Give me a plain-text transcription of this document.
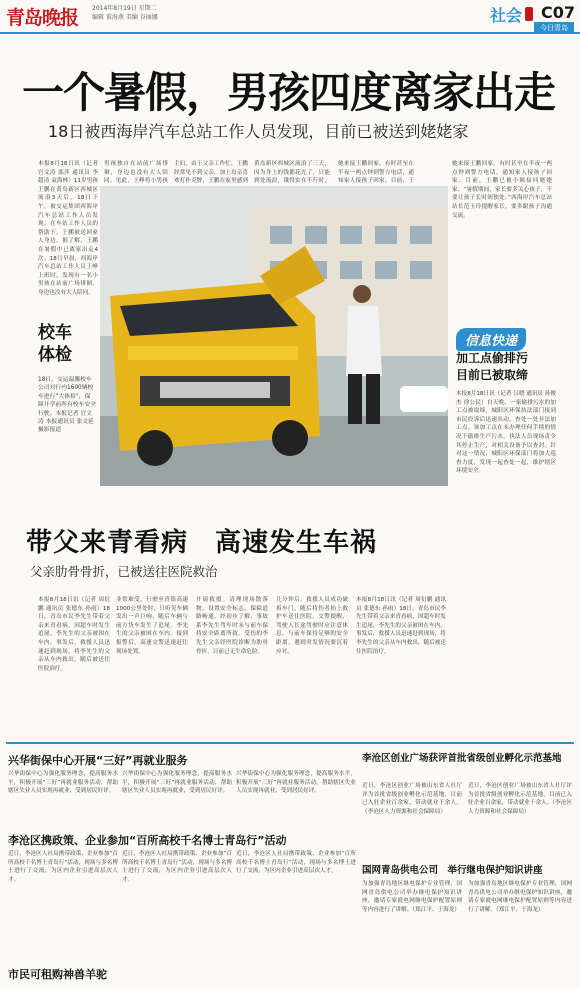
青岛晚报 2014年8月19日 星期二
编辑 董海燕 美编 谷丽娜	社会 C07
今日青岛
一个暑假，男孩四度离家出走
18日被西海岸汽车总站工作人员发现，目前已被送到姥姥家
本报8月18日讯（记者 官文涛 邵萍 通讯员 李超清 袁海林）11岁男孩王鹏在黄岛新区西城区流浪3天后，18日下午，被交运集团西海岸汽车总站工作人员发现。在车站工作人员的帮助下，王鹏被送回家人身边。据了解，王鹏在暑假中已离家出走4次。18日早晨，西海岸汽车总站工作人员王峥上班时，发现有一名小男孩在站前广场徘徊，身边也没有大人陪同。
男孩独自在站前广场徘徊，身边也没有大人陪同。见此，王峥将小男孩
主妇。由于父亲工作忙，王鹏经常见不到父亲，加上母亲喜欢打扑克牌，王鹏在家里感到
黄岛新区西城区流浪了三天，因为身上的钱都花光了，只能到处流浪，饿得实在不行时，
她来接王鹏回家。有时甚至在半夜一两点钟到警方电话，通知家人接孩子回家。目前，王
她来接王鹏回家。有时甚至在半夜一两点钟到警方电话，通知家人接孩子回家。目前，王鹏已被小姨接回姥姥家。“暑假期间，家长要多关心孩子，不要让孩子长时间独处。”西海岸汽车总站站长范玉玲提醒家长，要多跟孩子沟通交流。
校车
体检
18日，交运温馨校车公司对行内1600辆校车进行“大体检”，保障开学前所有校车安全行驶。本报记者 官文涛 本报通讯员 张文延 摄影报道
信息快递
加工点偷排污
目前已被取缔
本报8月18日讯（记者 吕晓 通讯员 孙俊杰 徐公民）自天晚，一家偷排污水的加工点被取缔，城阳区环保执法部门接到市民投诉后迅速出动，查处一处非法加工点。该加工点在未办理任何手续的情况下偷排生产污水。执法人员现场责令其停止生产，对相关设备予以查封。针对这一情况，城阳区环保部门将加大巡查力度，发现一起查处一起，维护辖区环境安全。
带父来青看病　高速发生车祸
父亲肋骨骨折，已被送往医院救治
本报8月18日讯（记者 周衍鹏 通讯员 张德东 孙雨）18日，青岛市民李先生带着父亲来青看病，因超车时发生追尾，李先生的父亲被困在车内。事发后，救援人员迅速赶到现场，将李先生的父亲从车内救出，随后被送往医院治疗。
非常难受。行驶至青银高速1000公里处时，只听见车辆发出一声巨响，随后车辆与前方货车发生了追尾。李先生的父亲被困在车内。接到报警后，高速交警迅速赶往现场处置。
开展救援。清理现场散落物，设置安全标志，保障道路畅通。经初步了解，事故系李先生驾车时未与前车保持安全距离所致。受伤的李先生父亲经医院诊断为肋骨骨折，目前已无生命危险。
几分钟后，救援人员成功破拆车门，随后将伤者抬上救护车送往医院。交警提醒，驾驶人长途驾驶时应注意休息，与前车保持足够的安全距离，遇到突发情况要沉着应对。
本报8月18日讯（记者 周衍鹏 通讯员 张德东 孙雨）18日，青岛市民李先生带着父亲来青看病，因超车时发生追尾，李先生的父亲被困在车内。事发后，救援人员迅速赶到现场，将李先生的父亲从车内救出，随后被送往医院治疗。
兴华街保中心开展“三好”再就业服务
兴华街保中心为强化服务理念，提高服务水平，积极开展“三好”再就业服务活动，帮助辖区失业人员实现再就业，受到居民好评。
兴华街保中心为强化服务理念，提高服务水平，积极开展“三好”再就业服务活动，帮助辖区失业人员实现再就业，受到居民好评。
兴华街保中心为强化服务理念，提高服务水平，积极开展“三好”再就业服务活动，帮助辖区失业人员实现再就业，受到居民好评。
李沧区携政策、企业参加“百所高校千名博士青岛行”活动
近日，李沧区人社局携带政策、企业参加“百所高校千名博士青岛行”活动，现场与多名博士进行了交流，为区内企业引进高层次人才。
近日，李沧区人社局携带政策、企业参加“百所高校千名博士青岛行”活动，现场与多名博士进行了交流，为区内企业引进高层次人才。
近日，李沧区人社局携带政策、企业参加“百所高校千名博士青岛行”活动，现场与多名博士进行了交流，为区内企业引进高层次人才。
市民可租购神兽羊驼
李沧区创业广场获评首批省级创业孵化示范基地
近日，李沧区创业广场被山东省人社厅评为首批省级创业孵化示范基地，目前已入驻企业百余家，带动就业千余人。（李沧区人力资源和社会保障局）
近日，李沧区创业广场被山东省人社厅评为首批省级创业孵化示范基地，目前已入驻企业百余家，带动就业千余人。（李沧区人力资源和社会保障局）
国网青岛供电公司　举行继电保护知识讲座
为加强青岛地区继电保护专业管理，国网青岛供电公司举办继电保护知识讲座，邀请专家就电网继电保护配置原则等内容进行了讲解。（郑江平、于海龙）
为加强青岛地区继电保护专业管理，国网青岛供电公司举办继电保护知识讲座，邀请专家就电网继电保护配置原则等内容进行了讲解。（郑江平、于海龙）
